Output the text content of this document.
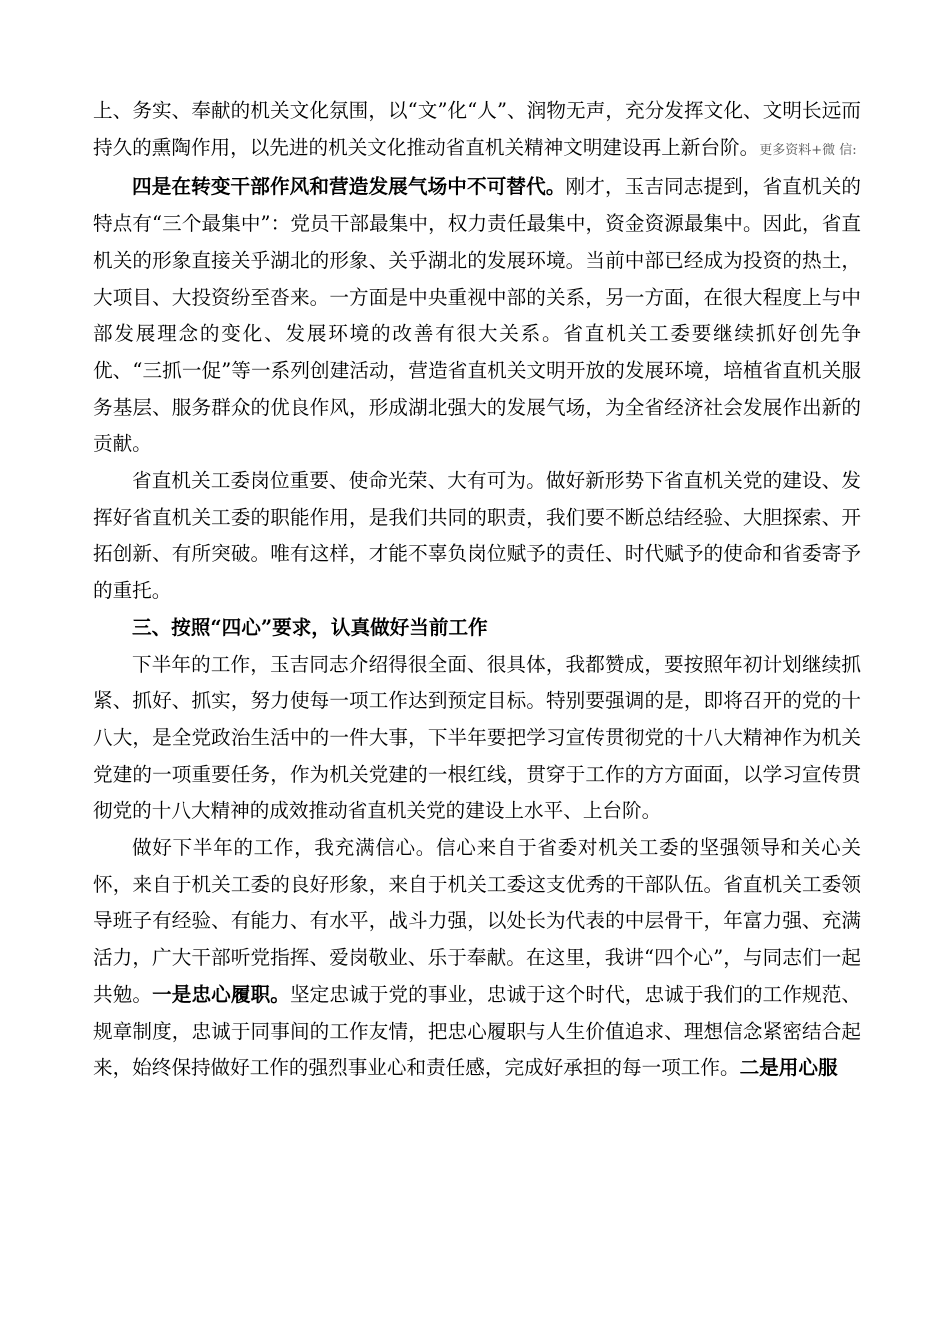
上、务实、奉献的机关文化氛围，以“文”化“人”、润物无声，充分发挥文化、文明长远而持久的熏陶作用，以先进的机关文化推动省直机关精神文明建设再上新台阶。更多资料+微 信:

四是在转变干部作风和营造发展气场中不可替代。刚才，玉吉同志提到，省直机关的特点有“三个最集中”：党员干部最集中，权力责任最集中，资金资源最集中。因此，省直机关的形象直接关乎湖北的形象、关乎湖北的发展环境。当前中部已经成为投资的热土，大项目、大投资纷至沓来。一方面是中央重视中部的关系，另一方面，在很大程度上与中部发展理念的变化、发展环境的改善有很大关系。省直机关工委要继续抓好创先争优、“三抓一促”等一系列创建活动，营造省直机关文明开放的发展环境，培植省直机关服务基层、服务群众的优良作风，形成湖北强大的发展气场，为全省经济社会发展作出新的贡献。

省直机关工委岗位重要、使命光荣、大有可为。做好新形势下省直机关党的建设、发挥好省直机关工委的职能作用，是我们共同的职责，我们要不断总结经验、大胆探索、开拓创新、有所突破。唯有这样，才能不辜负岗位赋予的责任、时代赋予的使命和省委寄予的重托。

三、按照“四心”要求，认真做好当前工作

下半年的工作，玉吉同志介绍得很全面、很具体，我都赞成，要按照年初计划继续抓紧、抓好、抓实，努力使每一项工作达到预定目标。特别要强调的是，即将召开的党的十八大，是全党政治生活中的一件大事，下半年要把学习宣传贯彻党的十八大精神作为机关党建的一项重要任务，作为机关党建的一根红线，贯穿于工作的方方面面，以学习宣传贯彻党的十八大精神的成效推动省直机关党的建设上水平、上台阶。

做好下半年的工作，我充满信心。信心来自于省委对机关工委的坚强领导和关心关怀，来自于机关工委的良好形象，来自于机关工委这支优秀的干部队伍。省直机关工委领导班子有经验、有能力、有水平，战斗力强，以处长为代表的中层骨干，年富力强、充满活力，广大干部听党指挥、爱岗敬业、乐于奉献。在这里，我讲“四个心”，与同志们一起共勉。一是忠心履职。坚定忠诚于党的事业，忠诚于这个时代，忠诚于我们的工作规范、规章制度，忠诚于同事间的工作友情，把忠心履职与人生价值追求、理想信念紧密结合起来，始终保持做好工作的强烈事业心和责任感，完成好承担的每一项工作。二是用心服
